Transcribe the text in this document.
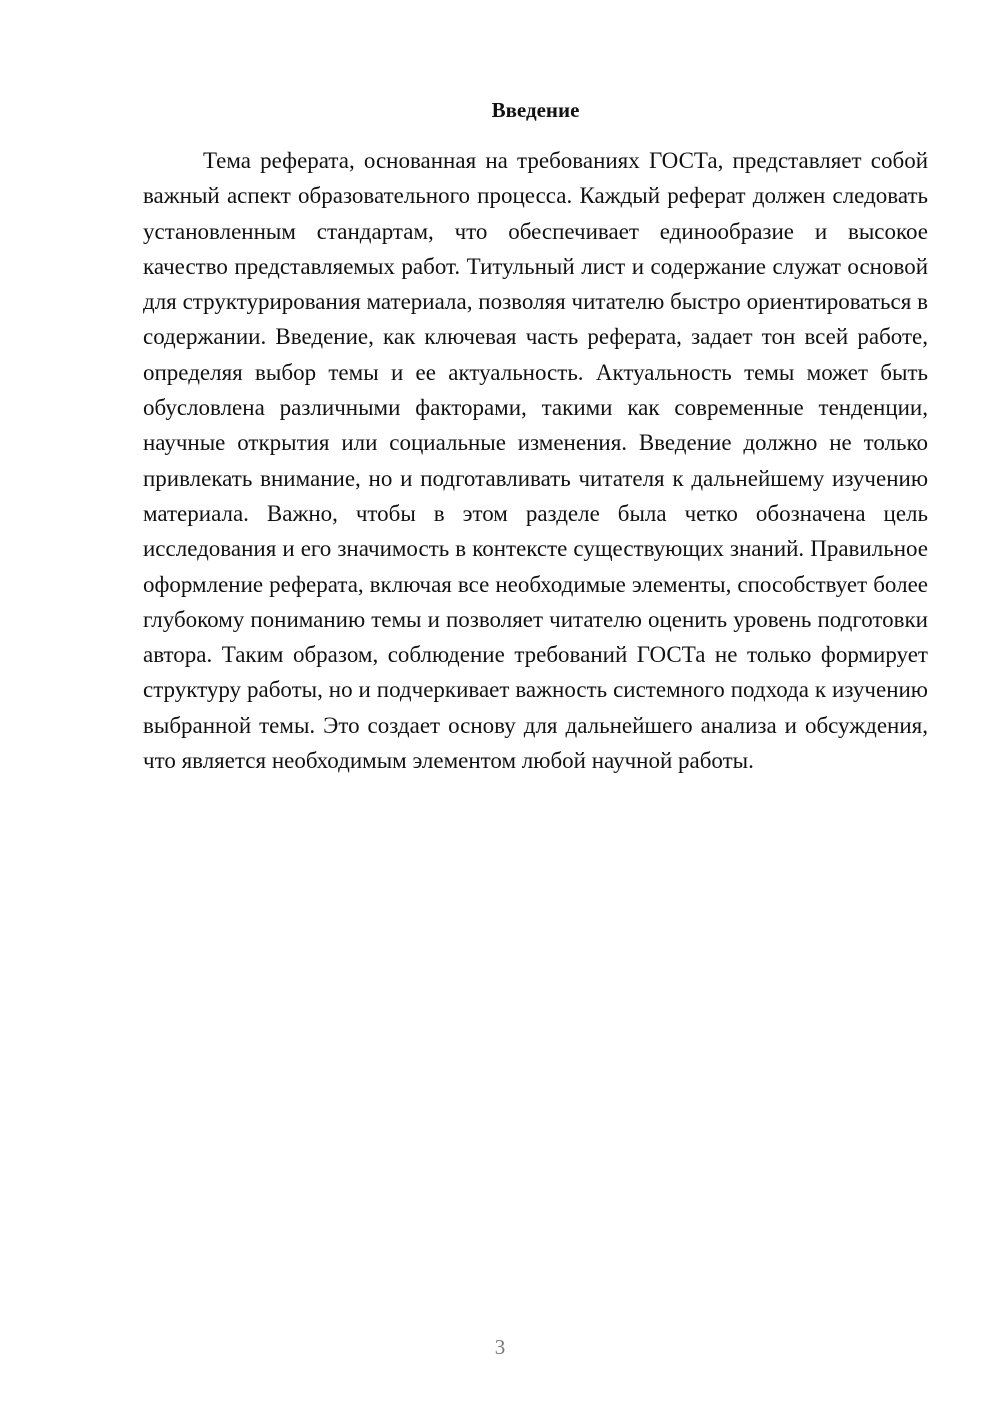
Введение

Тема реферата, основанная на требованиях ГОСТа, представляет собой важный аспект образовательного процесса. Каждый реферат должен следовать установленным стандартам, что обеспечивает единообразие и высокое качество представляемых работ. Титульный лист и содержание служат основой для структурирования материала, позволяя читателю быстро ориентироваться в содержании. Введение, как ключевая часть реферата, задает тон всей работе, определяя выбор темы и ее актуальность. Актуальность темы может быть обусловлена различными факторами, такими как современные тенденции, научные открытия или социальные изменения. Введение должно не только привлекать внимание, но и подготавливать читателя к дальнейшему изучению материала. Важно, чтобы в этом разделе была четко обозначена цель исследования и его значимость в контексте существующих знаний. Правильное оформление реферата, включая все необходимые элементы, способствует более глубокому пониманию темы и позволяет читателю оценить уровень подготовки автора. Таким образом, соблюдение требований ГОСТа не только формирует структуру работы, но и подчеркивает важность системного подхода к изучению выбранной темы. Это создает основу для дальнейшего анализа и обсуждения, что является необходимым элементом любой научной работы.

3
